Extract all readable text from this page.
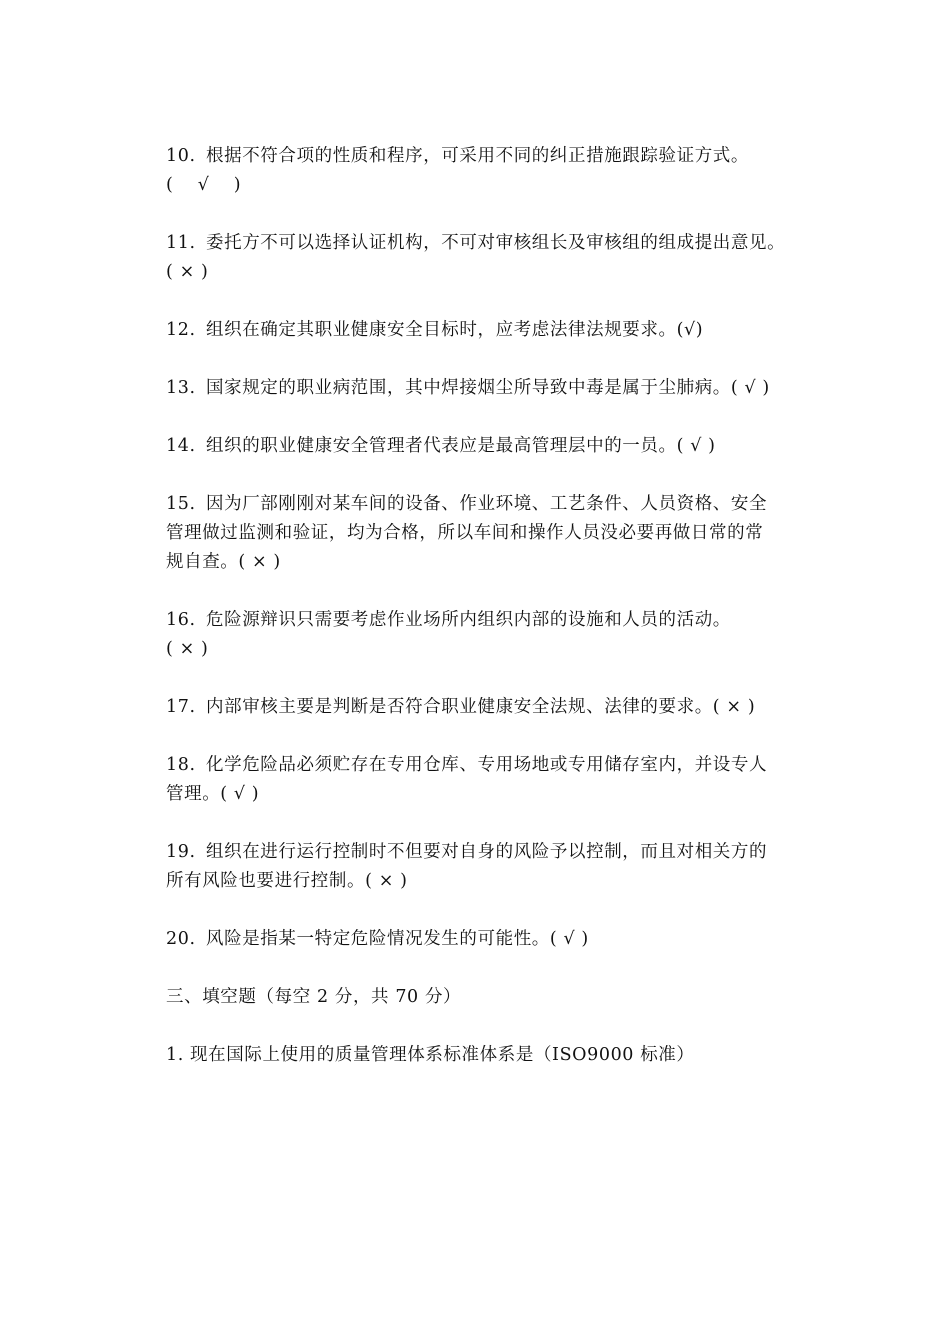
10. 根据不符合项的性质和程序，可采用不同的纠正措施跟踪验证方式。
(　 √　 )
11. 委托方不可以选择认证机构，不可对审核组长及审核组的组成提出意见。
( × )
12. 组织在确定其职业健康安全目标时，应考虑法律法规要求。(√)
13. 国家规定的职业病范围，其中焊接烟尘所导致中毒是属于尘肺病。( √ )
14. 组织的职业健康安全管理者代表应是最高管理层中的一员。( √ )
15. 因为厂部刚刚对某车间的设备、作业环境、工艺条件、人员资格、安全
管理做过监测和验证，均为合格，所以车间和操作人员没必要再做日常的常
规自查。( × )
16. 危险源辩识只需要考虑作业场所内组织内部的设施和人员的活动。
( × )
17. 内部审核主要是判断是否符合职业健康安全法规、法律的要求。( × )
18. 化学危险品必须贮存在专用仓库、专用场地或专用储存室内，并设专人
管理。( √ )
19. 组织在进行运行控制时不但要对自身的风险予以控制，而且对相关方的
所有风险也要进行控制。( × )
20. 风险是指某一特定危险情况发生的可能性。( √ )
三、填空题（每空 2 分，共 70 分）
1. 现在国际上使用的质量管理体系标准体系是（ISO9000 标准）
